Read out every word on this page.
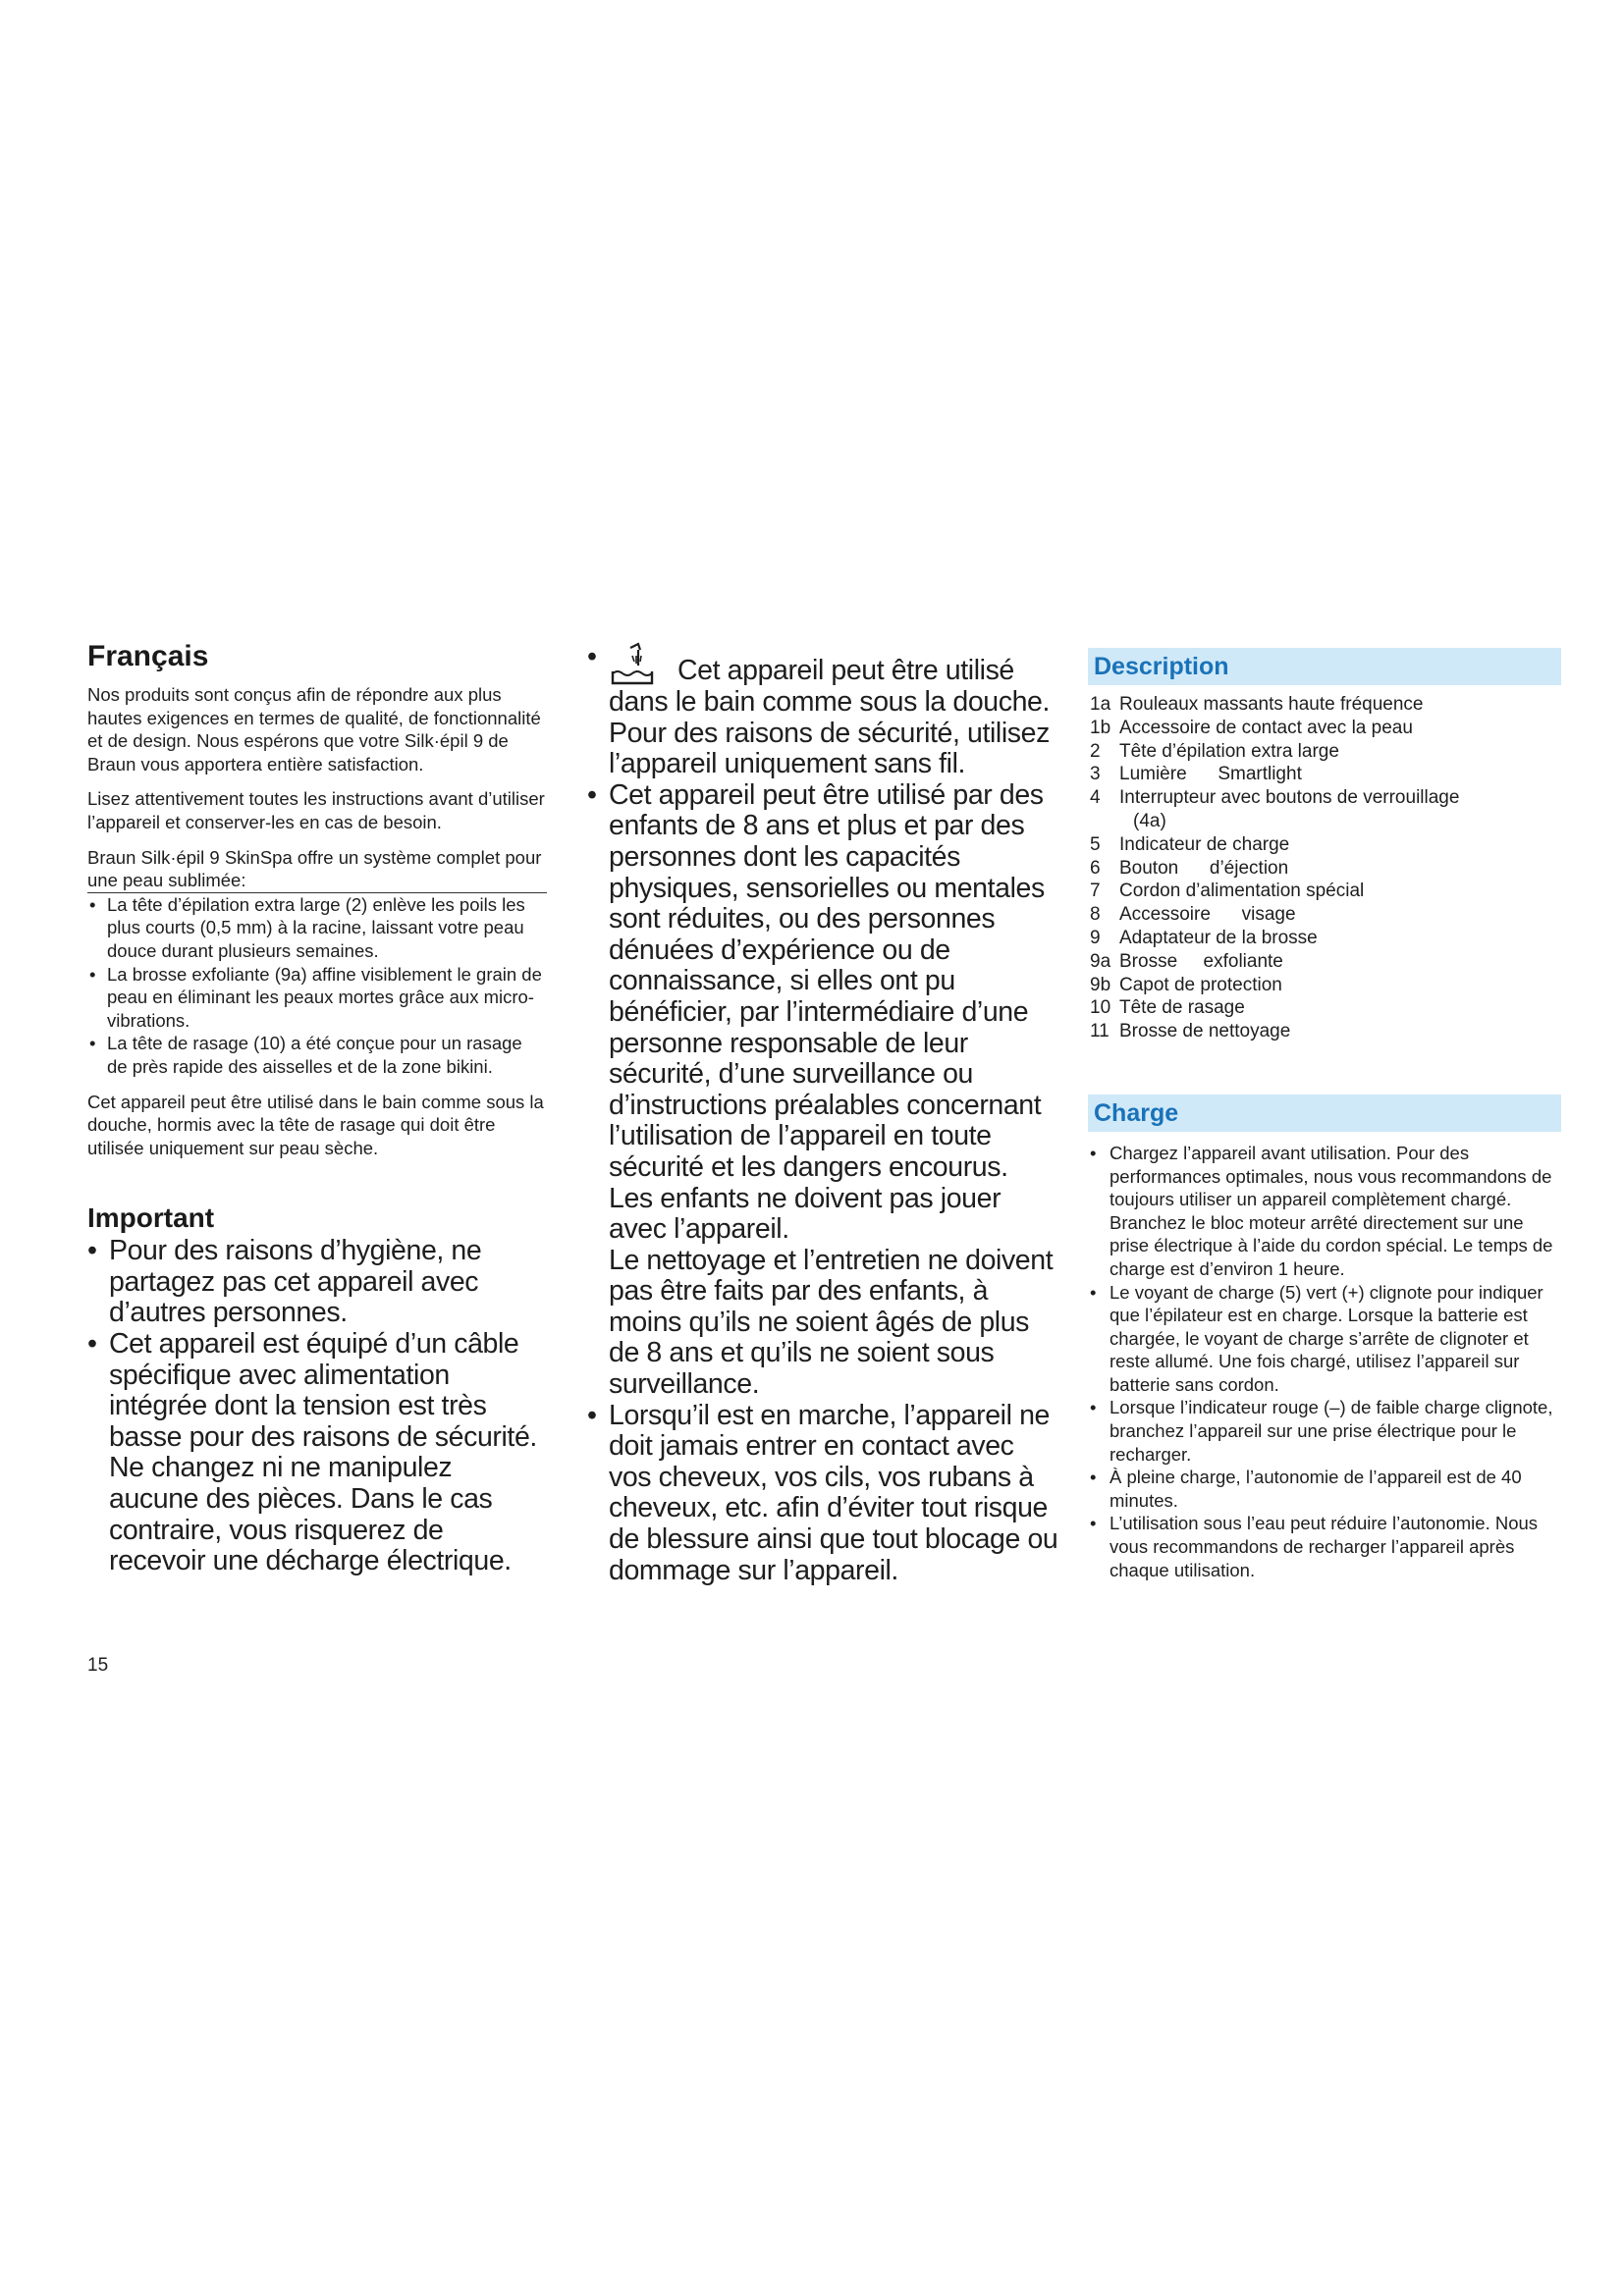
Français

Nos produits sont conçus afin de répondre aux plus hautes exigences en termes de qualité, de fonctionnalité et de design. Nous espérons que votre Silk·épil 9 de Braun vous apportera entière satisfaction.

Lisez attentivement toutes les instructions avant d’utiliser l’appareil et conserver-les en cas de besoin.

Braun Silk·épil 9 SkinSpa offre un système complet pour une peau sublimée:
• La tête d’épilation extra large (2) enlève les poils les plus courts (0,5 mm) à la racine, laissant votre peau douce durant plusieurs semaines.
• La brosse exfoliante (9a) affine visiblement le grain de peau en éliminant les peaux mortes grâce aux micro-vibrations.
• La tête de rasage (10) a été conçue pour un rasage de près rapide des aisselles et de la zone bikini.

Cet appareil peut être utilisé dans le bain comme sous la douche, hormis avec la tête de rasage qui doit être utilisée uniquement sur peau sèche.

Important
• Pour des raisons d’hygiène, ne partagez pas cet appareil avec d’autres personnes.
• Cet appareil est équipé d’un câble spécifique avec alimentation intégrée dont la tension est très basse pour des raisons de sécurité. Ne changez ni ne manipulez aucune des pièces. Dans le cas contraire, vous risquerez de recevoir une décharge électrique.
15
• Cet appareil peut être utilisé
dans le bain comme sous la douche. Pour des raisons de sécurité, utilisez l’appareil uniquement sans fil.
• Cet appareil peut être utilisé par des enfants de 8 ans et plus et par des personnes dont les capacités physiques, sensorielles ou mentales sont réduites, ou des personnes dénuées d’expérience ou de connaissance, si elles ont pu bénéficier, par l’intermédiaire d’une personne responsable de leur sécurité, d’une surveillance ou d’instructions préalables concernant l’utilisation de l’appareil en toute sécurité et les dangers encourus. Les enfants ne doivent pas jouer avec l’appareil.
Le nettoyage et l’entretien ne doivent pas être faits par des enfants, à moins qu’ils ne soient âgés de plus de 8 ans et qu’ils ne soient sous surveillance.
• Lorsqu’il est en marche, l’appareil ne doit jamais entrer en contact avec vos cheveux, vos cils, vos rubans à cheveux, etc. afin d’éviter tout risque de blessure ainsi que tout blocage ou dommage sur l’appareil.
Description
1a Rouleaux massants haute fréquence
1b Accessoire de contact avec la peau
2 Tête d’épilation extra large
3 Lumière      Smartlight
4 Interrupteur avec boutons de verrouillage
(4a)
5 Indicateur de charge
6 Bouton      d’éjection
7 Cordon d’alimentation spécial
8 Accessoire      visage
9 Adaptateur de la brosse
9a Brosse     exfoliante
9b Capot de protection
10 Tête de rasage
11 Brosse de nettoyage
Charge
• Chargez l’appareil avant utilisation. Pour des performances optimales, nous vous recommandons de toujours utiliser un appareil complètement chargé. Branchez le bloc moteur arrêté directement sur une prise électrique à l’aide du cordon spécial. Le temps de charge est d’environ 1 heure.
• Le voyant de charge (5) vert (+) clignote pour indiquer que l’épilateur est en charge. Lorsque la batterie est chargée, le voyant de charge s’arrête de clignoter et reste allumé. Une fois chargé, utilisez l’appareil sur batterie sans cordon.
• Lorsque l’indicateur rouge (–) de faible charge clignote, branchez l’appareil sur une prise électrique pour le recharger.
• À pleine charge, l’autonomie de l’appareil est de 40 minutes.
• L’utilisation sous l’eau peut réduire l’autonomie. Nous vous recommandons de recharger l’appareil après chaque utilisation.
